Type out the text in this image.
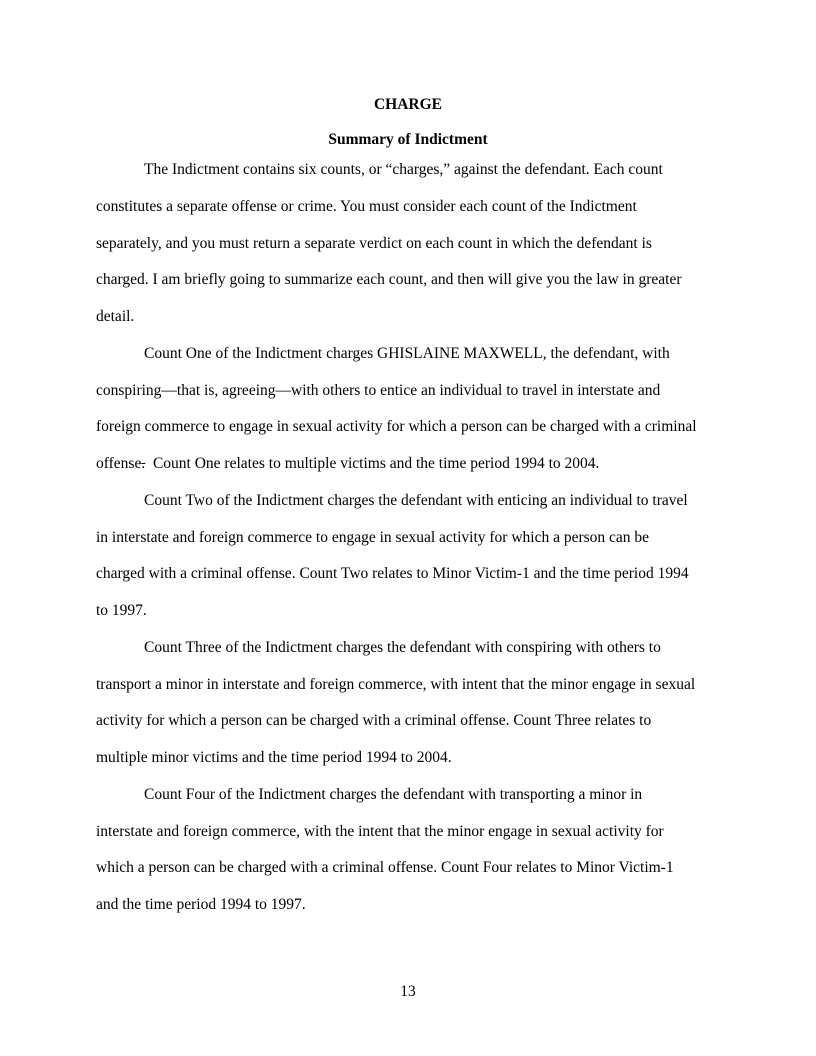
CHARGE

Summary of Indictment

The Indictment contains six counts, or “charges,” against the defendant. Each count
constitutes a separate offense or crime. You must consider each count of the Indictment
separately, and you must return a separate verdict on each count in which the defendant is
charged. I am briefly going to summarize each count, and then will give you the law in greater
detail.

Count One of the Indictment charges GHISLAINE MAXWELL, the defendant, with
conspiring—that is, agreeing—with others to entice an individual to travel in interstate and
foreign commerce to engage in sexual activity for which a person can be charged with a criminal
offense.  Count One relates to multiple victims and the time period 1994 to 2004.

Count Two of the Indictment charges the defendant with enticing an individual to travel
in interstate and foreign commerce to engage in sexual activity for which a person can be
charged with a criminal offense. Count Two relates to Minor Victim-1 and the time period 1994
to 1997.

Count Three of the Indictment charges the defendant with conspiring with others to
transport a minor in interstate and foreign commerce, with intent that the minor engage in sexual
activity for which a person can be charged with a criminal offense. Count Three relates to
multiple minor victims and the time period 1994 to 2004.

Count Four of the Indictment charges the defendant with transporting a minor in
interstate and foreign commerce, with the intent that the minor engage in sexual activity for
which a person can be charged with a criminal offense. Count Four relates to Minor Victim-1
and the time period 1994 to 1997.

13
